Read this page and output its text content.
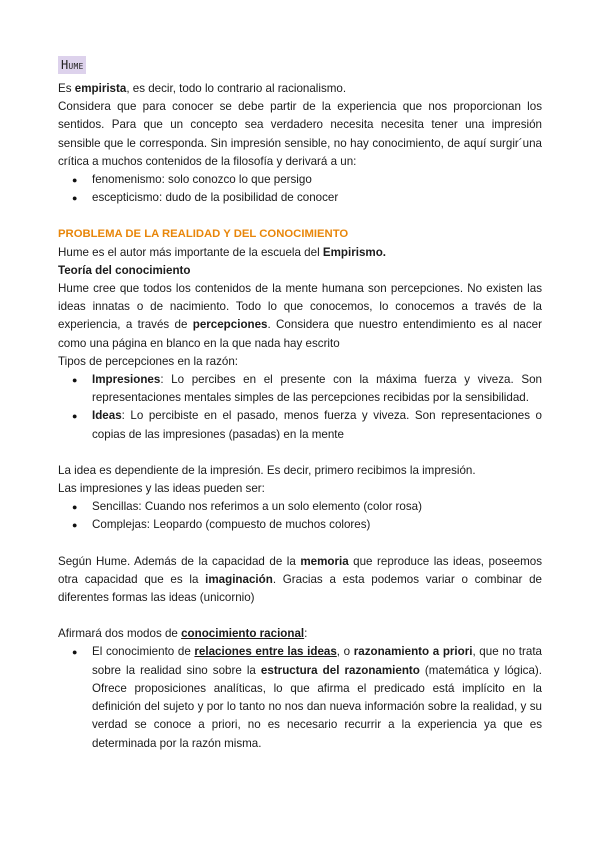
Hume

Es empirista, es decir, todo lo contrario al racionalismo.

Considera que para conocer se debe partir de la experiencia que nos proporcionan los sentidos. Para que un concepto sea verdadero necesita necesita tener una impresión sensible que le corresponda. Sin impresión sensible, no hay conocimiento, de aquí surgir´una crítica a muchos contenidos de la filosofía y derivará a un:

● fenomenismo: solo conozco lo que persigo
● escepticismo: dudo de la posibilidad de conocer

PROBLEMA DE LA REALIDAD Y DEL CONOCIMIENTO

Hume es el autor más importante de la escuela del Empirismo.

Teoría del conocimiento

Hume cree que todos los contenidos de la mente humana son percepciones. No existen las ideas innatas o de nacimiento. Todo lo que conocemos, lo conocemos a través de la experiencia, a través de percepciones. Considera que nuestro entendimiento es al nacer como una página en blanco en la que nada hay escrito

Tipos de percepciones en la razón:

● Impresiones: Lo percibes en el presente con la máxima fuerza y viveza. Son representaciones mentales simples de las percepciones recibidas por la sensibilidad.
● Ideas: Lo percibiste en el pasado, menos fuerza y viveza. Son representaciones o copias de las impresiones (pasadas) en la mente

La idea es dependiente de la impresión. Es decir, primero recibimos la impresión.

Las impresiones y las ideas pueden ser:

● Sencillas: Cuando nos referimos a un solo elemento (color rosa)
● Complejas: Leopardo (compuesto de muchos colores)

Según Hume. Además de la capacidad de la memoria que reproduce las ideas, poseemos otra capacidad que es la imaginación. Gracias a esta podemos variar o combinar de diferentes formas las ideas (unicornio)

Afirmará dos modos de conocimiento racional:

● El conocimiento de relaciones entre las ideas, o razonamiento a priori, que no trata sobre la realidad sino sobre la estructura del razonamiento (matemática y lógica). Ofrece proposiciones analíticas, lo que afirma el predicado está implícito en la definición del sujeto y por lo tanto no nos dan nueva información sobre la realidad, y su verdad se conoce a priori, no es necesario recurrir a la experiencia ya que es determinada por la razón misma.
